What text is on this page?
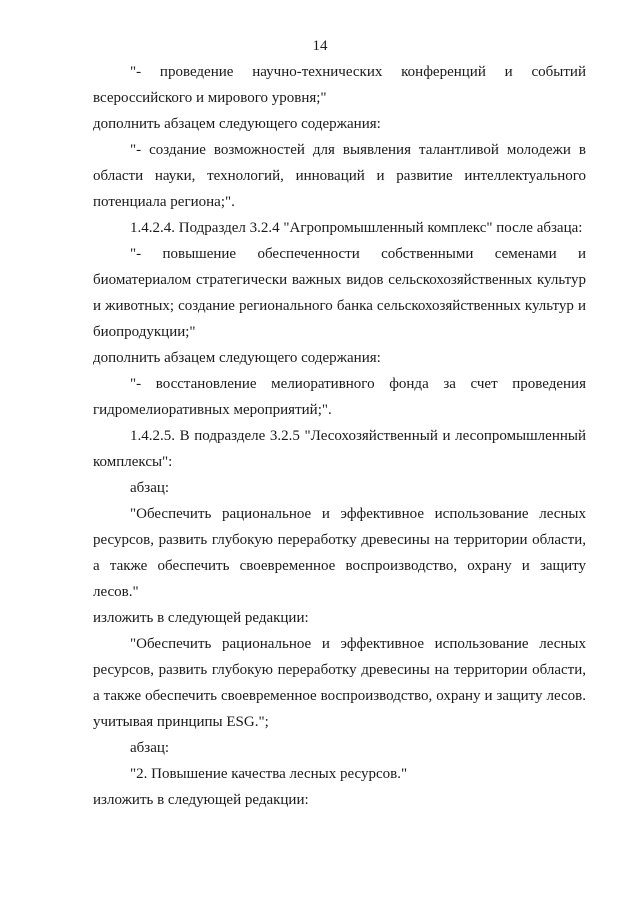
14

"- проведение научно-технических конференций и событий всероссийского и мирового уровня;"

дополнить абзацем следующего содержания:

"- создание возможностей для выявления талантливой молодежи в области науки, технологий, инноваций и развитие интеллектуального потенциала региона;".

1.4.2.4. Подраздел 3.2.4 "Агропромышленный комплекс" после абзаца:

"- повышение обеспеченности собственными семенами и биоматериалом стратегически важных видов сельскохозяйственных культур и животных; создание регионального банка сельскохозяйственных культур и биопродукции;"

дополнить абзацем следующего содержания:

"- восстановление мелиоративного фонда за счет проведения гидромелиоративных мероприятий;".

1.4.2.5. В подразделе 3.2.5 "Лесохозяйственный и лесопромышленный комплексы":

абзац:

"Обеспечить рациональное и эффективное использование лесных ресурсов, развить глубокую переработку древесины на территории области, а также обеспечить своевременное воспроизводство, охрану и защиту лесов."

изложить в следующей редакции:

"Обеспечить рациональное и эффективное использование лесных ресурсов, развить глубокую переработку древесины на территории области, а также обеспечить своевременное воспроизводство, охрану и защиту лесов. учитывая принципы ESG.";

абзац:

"2. Повышение качества лесных ресурсов."

изложить в следующей редакции:
